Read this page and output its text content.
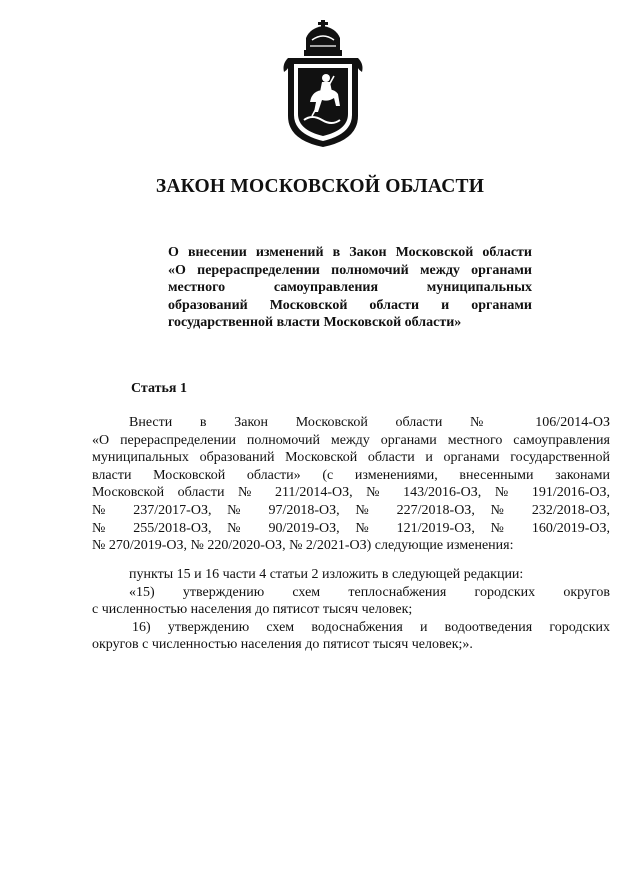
ЗАКОН МОСКОВСКОЙ ОБЛАСТИ
О внесении изменений в Закон Московской области
«О перераспределении полномочий между органами
местного самоуправления муниципальных
образований Московской области и органами
государственной власти Московской области»
Статья 1
Внести в Закон Московской области № 106/2014-ОЗ
«О перераспределении полномочий между органами местного самоуправления
муниципальных образований Московской области и органами государственной
власти Московской области» (с изменениями, внесенными законами
Московской области № 211/2014-ОЗ, № 143/2016-ОЗ, № 191/2016-ОЗ,
№ 237/2017-ОЗ, № 97/2018-ОЗ, № 227/2018-ОЗ, № 232/2018-ОЗ,
№ 255/2018-ОЗ, № 90/2019-ОЗ, № 121/2019-ОЗ, № 160/2019-ОЗ,
№ 270/2019-ОЗ, № 220/2020-ОЗ, № 2/2021-ОЗ) следующие изменения:
пункты 15 и 16 части 4 статьи 2 изложить в следующей редакции:
«15) утверждению схем теплоснабжения городских округов
с численностью населения до пятисот тысяч человек;
16) утверждению схем водоснабжения и водоотведения городских
округов с численностью населения до пятисот тысяч человек;».
